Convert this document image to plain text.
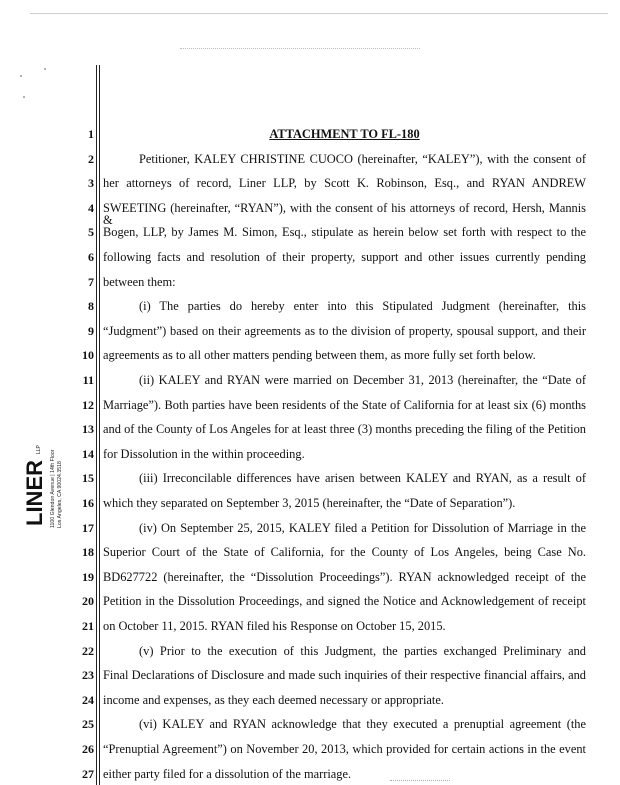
LINER
LLP 1100 Glendon Avenue | 14th Floor Los Angeles, CA 90024.3518
1	ATTACHMENT TO FL-180
2	Petitioner, KALEY CHRISTINE CUOCO (hereinafter, “KALEY”), with the consent of
3 her attorneys of record, Liner LLP, by Scott K. Robinson, Esq., and RYAN ANDREW
4 SWEETING (hereinafter, “RYAN”), with the consent of his attorneys of record, Hersh, Mannis &
5 Bogen, LLP, by James M. Simon, Esq., stipulate as herein below set forth with respect to the
6 following facts and resolution of their property, support and other issues currently pending
7 between them:
8	(i) The parties do hereby enter into this Stipulated Judgment (hereinafter, this
9 “Judgment”) based on their agreements as to the division of property, spousal support, and their
10 agreements as to all other matters pending between them, as more fully set forth below.
11	(ii) KALEY and RYAN were married on December 31, 2013 (hereinafter, the “Date of
12 Marriage”). Both parties have been residents of the State of California for at least six (6) months
13 and of the County of Los Angeles for at least three (3) months preceding the filing of the Petition
14 for Dissolution in the within proceeding.
15	(iii) Irreconcilable differences have arisen between KALEY and RYAN, as a result of
16 which they separated on September 3, 2015 (hereinafter, the “Date of Separation”).
17	(iv) On September 25, 2015, KALEY filed a Petition for Dissolution of Marriage in the
18 Superior Court of the State of California, for the County of Los Angeles, being Case No.
19 BD627722 (hereinafter, the “Dissolution Proceedings”). RYAN acknowledged receipt of the
20 Petition in the Dissolution Proceedings, and signed the Notice and Acknowledgement of receipt
21 on October 11, 2015. RYAN filed his Response on October 15, 2015.
22	(v) Prior to the execution of this Judgment, the parties exchanged Preliminary and
23 Final Declarations of Disclosure and made such inquiries of their respective financial affairs, and
24 income and expenses, as they each deemed necessary or appropriate.
25	(vi) KALEY and RYAN acknowledge that they executed a prenuptial agreement (the
26 “Prenuptial Agreement”) on November 20, 2013, which provided for certain actions in the event
27 either party filed for a dissolution of the marriage.
